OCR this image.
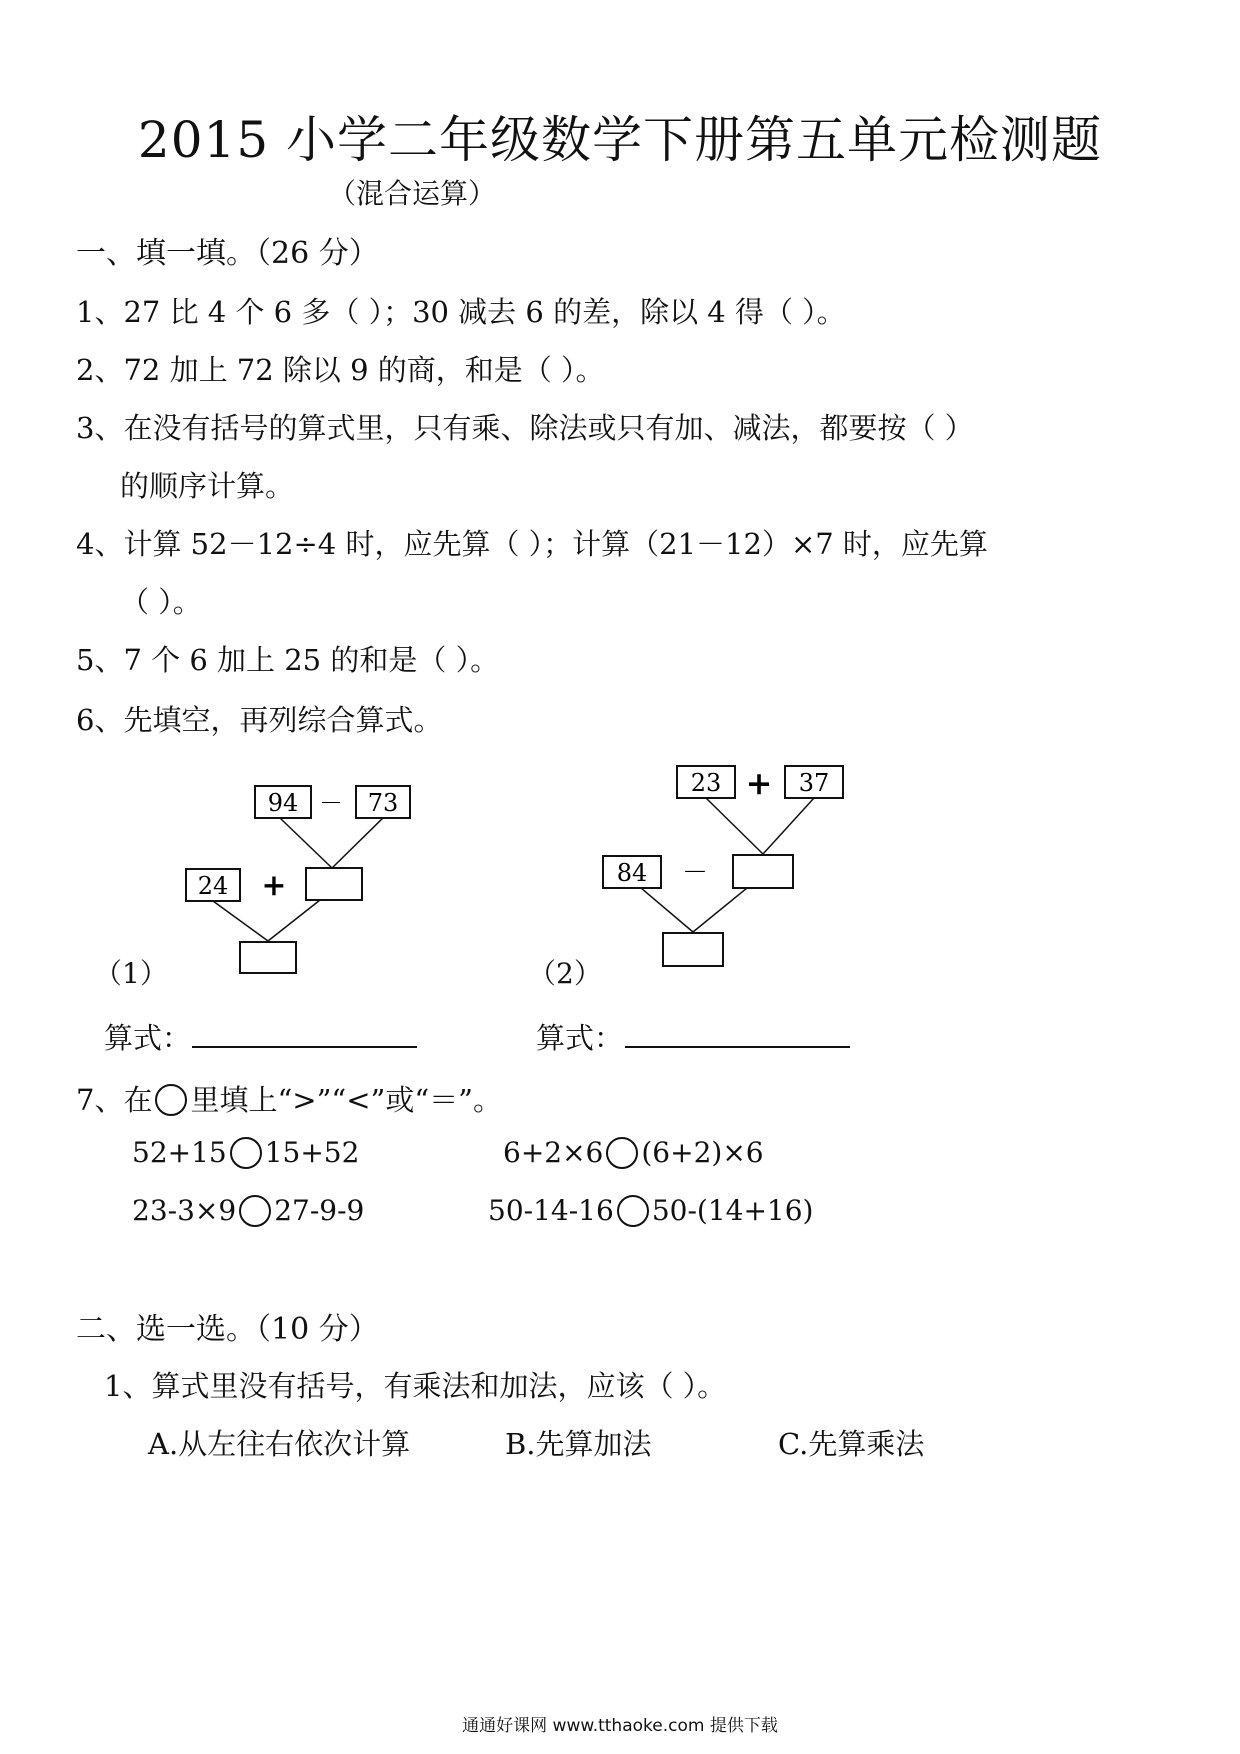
2015 小学二年级数学下册第五单元检测题
（混合运算）
一、填一填。（26 分）
1、27 比 4 个 6 多（ ）；30 减去 6 的差，除以 4 得（ ）。
2、72 加上 72 除以 9 的商，和是（ ）。
3、在没有括号的算式里，只有乘、除法或只有加、减法，都要按（ ）
的顺序计算。
4、计算 52－12÷4 时，应先算（ ）；计算（21－12）×7 时，应先算
（ ）。
5、7 个 6 加上 25 的和是（ ）。
6、先填空，再列综合算式。
94 － 73
24 +
（1）
23 + 37
84 －
（2）
算式：	算式：
7、在 里填上“>”“<”或“＝”。
52+15 15+52	6+2×6 (6+2)×6
23-3×9 27-9-9	50-14-16 50-(14+16)
二、选一选。（10 分）
1、算式里没有括号，有乘法和加法，应该（ ）。
A.从左往右依次计算	B.先算加法	C.先算乘法
通通好课网 www.tthaoke.com 提供下载
